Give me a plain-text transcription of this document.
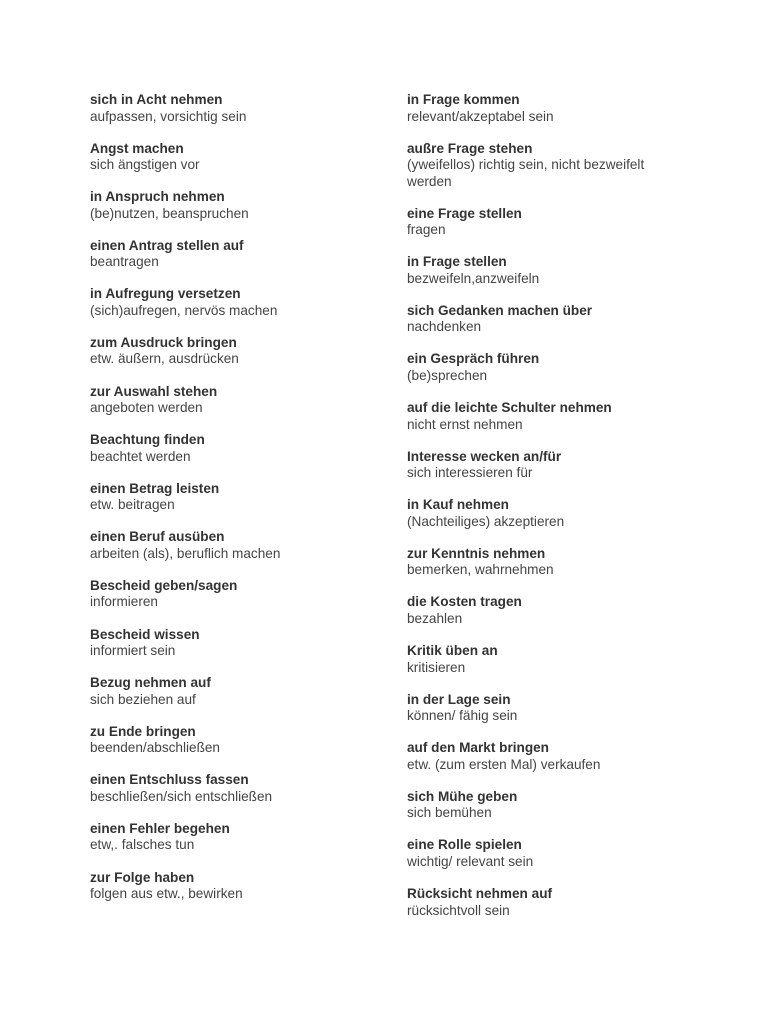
sich in Acht nehmen
aufpassen, vorsichtig sein
Angst machen
sich ängstigen vor
in Anspruch nehmen
(be)nutzen, beanspruchen
einen Antrag stellen auf
beantragen
in Aufregung versetzen
(sich)aufregen, nervös machen
zum Ausdruck bringen
etw. äußern, ausdrücken
zur Auswahl stehen
angeboten werden
Beachtung finden
beachtet werden
einen Betrag leisten
etw. beitragen
einen Beruf ausüben
arbeiten (als), beruflich machen
Bescheid geben/sagen
informieren
Bescheid wissen
informiert sein
Bezug nehmen auf
sich beziehen auf
zu Ende bringen
beenden/abschließen
einen Entschluss fassen
beschließen/sich entschließen
einen Fehler begehen
etw,. falsches tun
zur Folge haben
folgen aus etw., bewirken
in Frage kommen
relevant/akzeptabel sein
außre Frage stehen
(yweifellos) richtig sein, nicht bezweifelt werden
eine Frage stellen
fragen
in Frage stellen
bezweifeln,anzweifeln
sich Gedanken machen über
nachdenken
ein Gespräch führen
(be)sprechen
auf die leichte Schulter nehmen
nicht ernst nehmen
Interesse wecken an/für
sich interessieren für
in Kauf nehmen
(Nachteiliges) akzeptieren
zur Kenntnis nehmen
bemerken, wahrnehmen
die Kosten tragen
bezahlen
Kritik üben an
kritisieren
in der Lage sein
können/ fähig sein
auf den Markt bringen
etw. (zum ersten Mal) verkaufen
sich Mühe geben
sich bemühen
eine Rolle spielen
wichtig/ relevant sein
Rücksicht nehmen auf
rücksichtvoll sein
